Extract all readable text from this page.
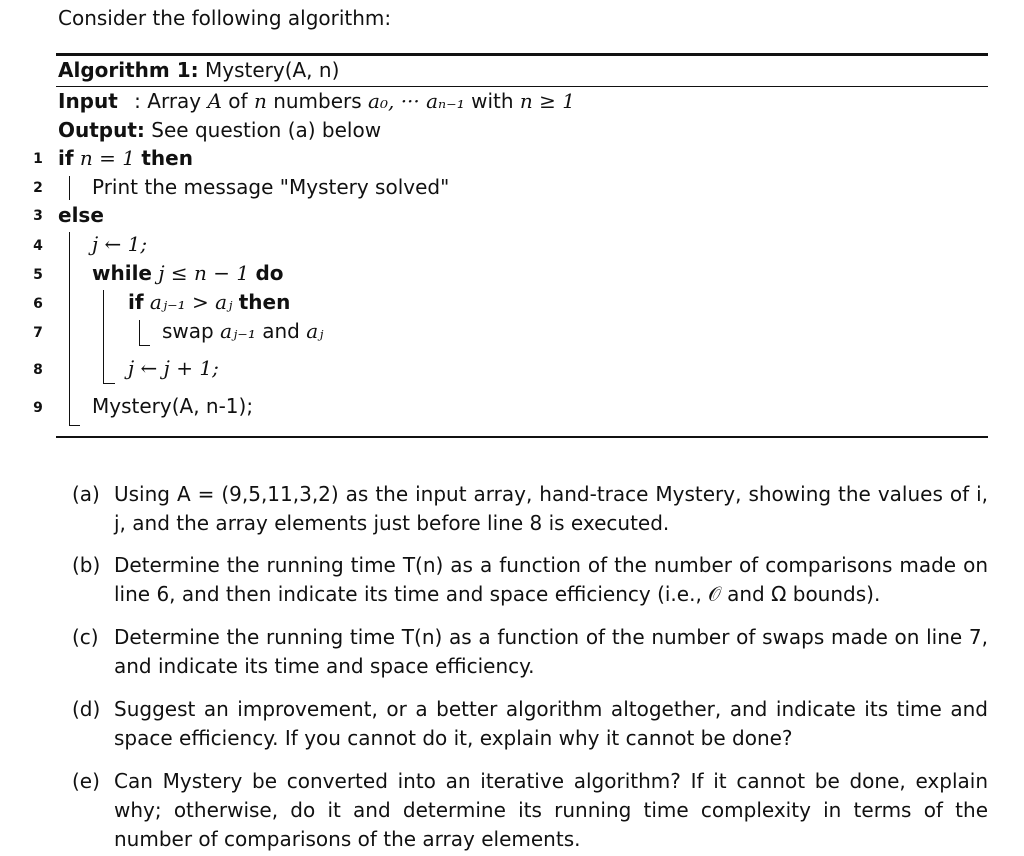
Consider the following algorithm:
Algorithm 1: Mystery(A, n)
Input : Array A of n numbers a₀, ··· aₙ₋₁ with n ≥ 1
Output: See question (a) below
1
2
3
4
5
6
7
8
9
if n = 1 then
Print the message "Mystery solved"
else
j ← 1;
while j ≤ n − 1 do
if aⱼ₋₁ > aⱼ then
swap aⱼ₋₁ and aⱼ
j ← j + 1;
Mystery(A, n-1);
(a) Using A = (9,5,11,3,2) as the input array, hand-trace Mystery, showing the values of i, j, and the array elements just before line 8 is executed.
(b) Determine the running time T(n) as a function of the number of comparisons made on line 6, and then indicate its time and space efficiency (i.e., 𝒪 and Ω bounds).
(c) Determine the running time T(n) as a function of the number of swaps made on line 7, and indicate its time and space efficiency.
(d) Suggest an improvement, or a better algorithm altogether, and indicate its time and space efficiency. If you cannot do it, explain why it cannot be done?
(e) Can Mystery be converted into an iterative algorithm? If it cannot be done, explain why; otherwise, do it and determine its running time complexity in terms of the number of comparisons of the array elements.
